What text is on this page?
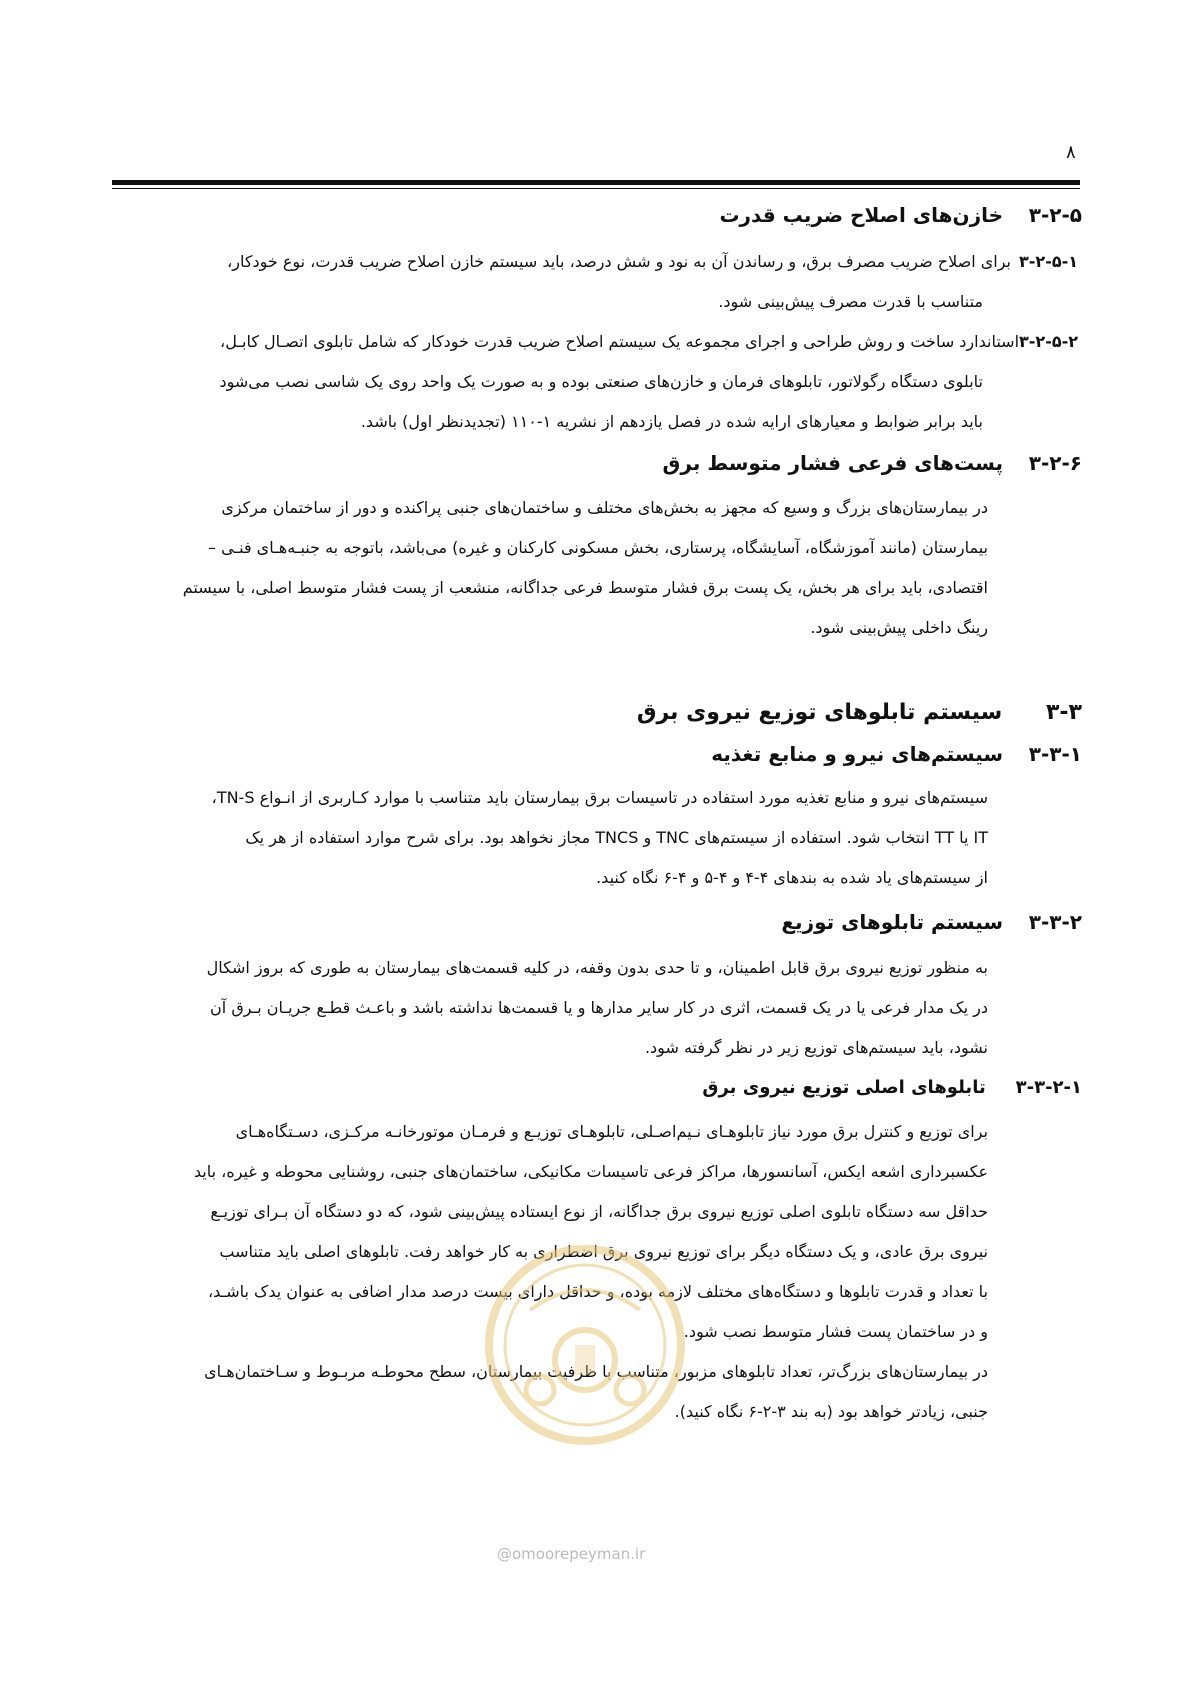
۸
۳-۲-۵ خازن‌های اصلاح ضریب قدرت
۳-۲-۵-۱برای اصلاح ضریب مصرف برق، و رساندن آن به نود و شش درصد، باید سیستم خازن اصلاح ضریب قدرت، نوع خودکار،
متناسب با قدرت مصرف پیش‌بینی شود.
۳-۲-۵-۲استاندارد ساخت و روش طراحی و اجرای مجموعه یک سیستم اصلاح ضریب قدرت خودکار که شامل تابلوی اتصـال کابـل،
تابلوی دستگاه رگولاتور، تابلوهای فرمان و خازن‌های صنعتی بوده و به صورت یک واحد روی یک شاسی نصب می‌شود
باید برابر ضوابط و معیارهای ارایه شده در فصل یازدهم از نشریه ۱-۱۱۰ (تجدیدنظر اول) باشد.
۳-۲-۶ پست‌های فرعی فشار متوسط برق
در بیمارستان‌های بزرگ و وسیع که مجهز به بخش‌های مختلف و ساختمان‌های جنبی پراکنده و دور از ساختمان مرکزی
بیمارستان (مانند آموزشگاه، آسایشگاه، پرستاری، بخش مسکونی کارکنان و غیره) می‌باشد، باتوجه به جنبـه‌هـای فنـی –
اقتصادی، باید برای هر بخش، یک پست برق فشار متوسط فرعی جداگانه، منشعب از پست فشار متوسط اصلی، با سیستم
رینگ داخلی پیش‌بینی شود.
۳-۳ سیستم تابلوهای توزیع نیروی برق
۳-۳-۱ سیستم‌های نیرو و منابع تغذیه
سیستم‌های نیرو و منابع تغذیه مورد استفاده در تاسیسات برق بیمارستان باید متناسب با موارد کـاربری از انـواع TN-S،
IT یا TT انتخاب شود. استفاده از سیستم‌های TNC و TNCS مجاز نخواهد بود. برای شرح موارد استفاده از هر یک
از سیستم‌های یاد شده به بندهای ۴-۴ و ۴-۵ و ۴-۶ نگاه کنید.
۳-۳-۲ سیستم تابلوهای توزیع
به منظور توزیع نیروی برق قابل اطمینان، و تا حدی بدون وقفه، در کلیه قسمت‌های بیمارستان به طوری که بروز اشکال
در یک مدار فرعی یا در یک قسمت، اثری در کار سایر مدارها و یا قسمت‌ها نداشته باشد و باعـث قطـع جریـان بـرق آن
نشود، باید سیستم‌های توزیع زیر در نظر گرفته شود.
۳-۳-۲-۱ تابلوهای اصلی توزیع نیروی برق
برای توزیع و کنترل برق مورد نیاز تابلوهـای نـیم‌اصـلی، تابلوهـای توزیـع و فرمـان موتورخانـه مرکـزی، دسـتگاه‌هـای
عکسبرداری اشعه ایکس، آسانسورها، مراکز فرعی تاسیسات مکانیکی، ساختمان‌های جنبی، روشنایی محوطه و غیره، باید
حداقل سه دستگاه تابلوی اصلی توزیع نیروی برق جداگانه، از نوع ایستاده پیش‌بینی شود، که دو دستگاه آن بـرای توزیـع
نیروی برق عادی، و یک دستگاه دیگر برای توزیع نیروی برق اضطراری به کار خواهد رفت. تابلوهای اصلی باید متناسب
با تعداد و قدرت تابلوها و دستگاه‌های مختلف لازمه بوده، و حداقل دارای بیست درصد مدار اضافی به عنوان یدک باشـد،
و در ساختمان پست فشار متوسط نصب شود.
در بیمارستان‌های بزرگ‌تر، تعداد تابلوهای مزبور، متناسب با ظرفیت بیمارستان، سطح محوطـه مربـوط و سـاختمان‌هـای
جنبی، زیادتر خواهد بود (به بند ۳-۲-۶ نگاه کنید).
@omoorepeyman.ir
